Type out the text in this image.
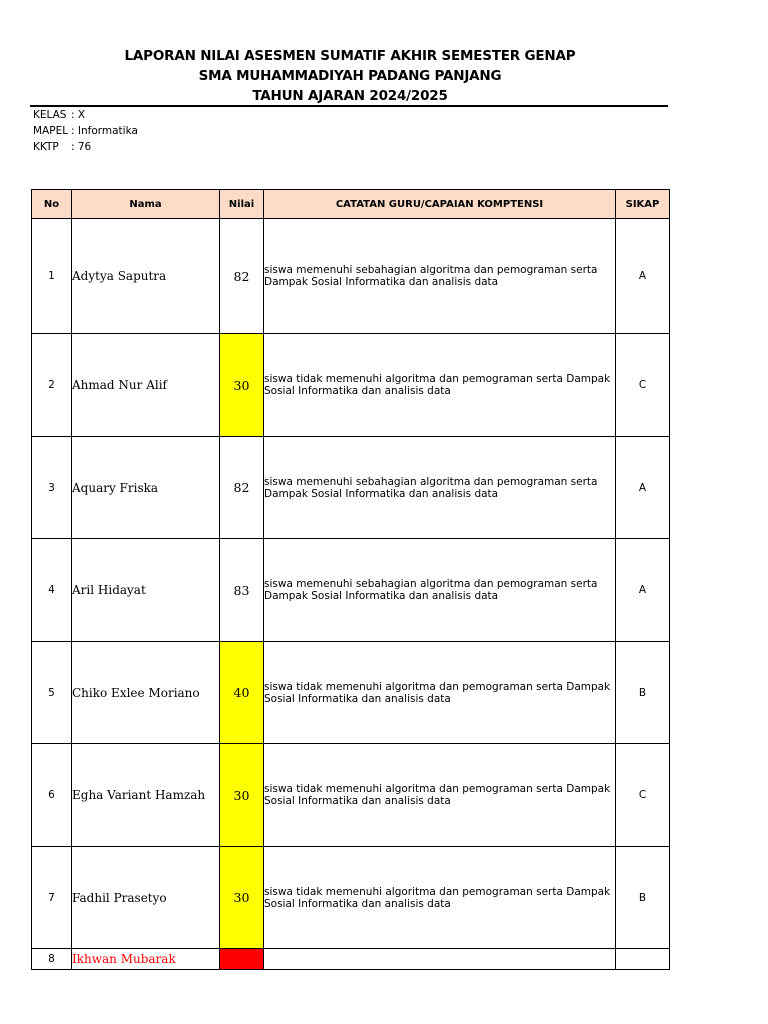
LAPORAN NILAI ASESMEN SUMATIF AKHIR SEMESTER GENAP
SMA MUHAMMADIYAH PADANG PANJANG
TAHUN AJARAN 2024/2025
KELAS : X
MAPEL : Informatika
KKTP	: 76
No	Nama	Nilai	CATATAN GURU/CAPAIAN KOMPTENSI	SIKAP
1	Adytya Saputra	82	siswa memenuhi sebahagian algoritma dan pemograman serta Dampak Sosial Informatika dan analisis data	A
2	Ahmad Nur Alif	30	siswa tidak memenuhi algoritma dan pemograman serta Dampak Sosial Informatika dan analisis data	C
3	Aquary Friska	82	siswa memenuhi sebahagian algoritma dan pemograman serta Dampak Sosial Informatika dan analisis data	A
4	Aril Hidayat	83	siswa memenuhi sebahagian algoritma dan pemograman serta Dampak Sosial Informatika dan analisis data	A
5	Chiko Exlee Moriano	40	siswa tidak memenuhi algoritma dan pemograman serta Dampak Sosial Informatika dan analisis data	B
6	Egha Variant Hamzah	30	siswa tidak memenuhi algoritma dan pemograman serta Dampak Sosial Informatika dan analisis data	C
7	Fadhil Prasetyo	30	siswa tidak memenuhi algoritma dan pemograman serta Dampak Sosial Informatika dan analisis data	B
8	Ikhwan Mubarak			
